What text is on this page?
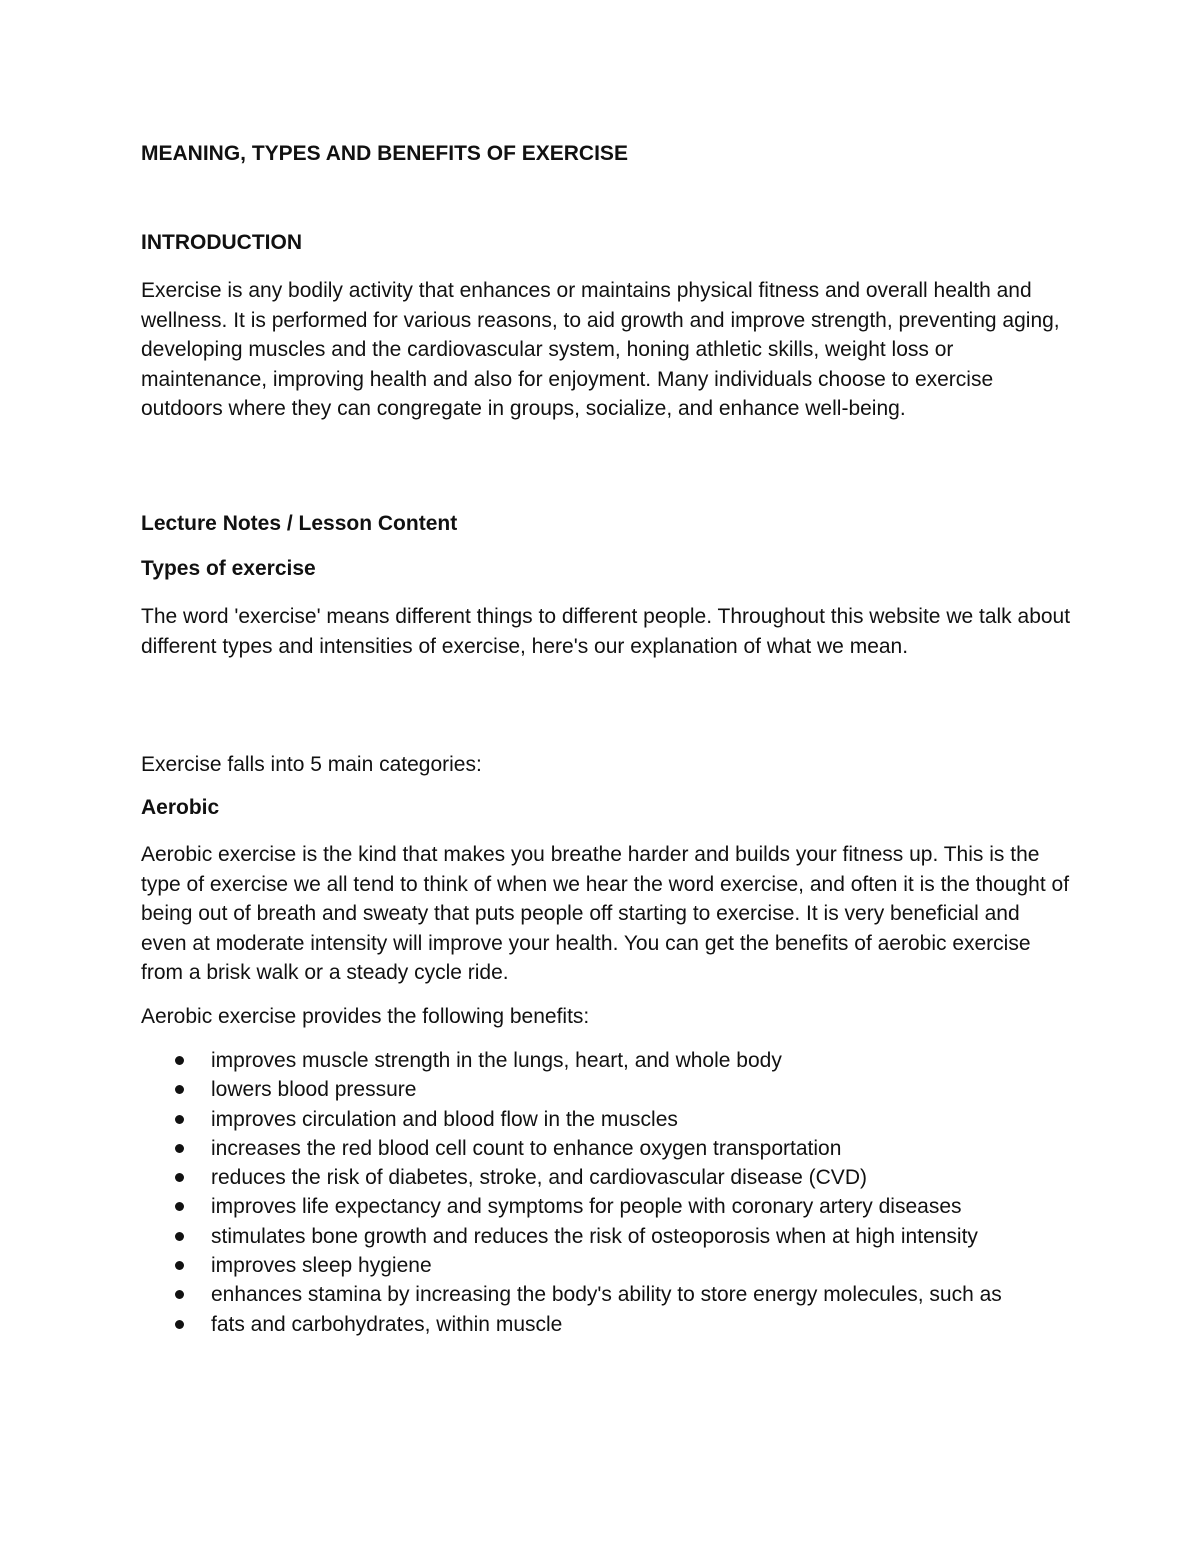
MEANING, TYPES AND BENEFITS OF EXERCISE
INTRODUCTION

Exercise is any bodily activity that enhances or maintains physical fitness and overall health and wellness. It is performed for various reasons, to aid growth and improve strength, preventing aging, developing muscles and the cardiovascular system, honing athletic skills, weight loss or maintenance, improving health and also for enjoyment. Many individuals choose to exercise outdoors where they can congregate in groups, socialize, and enhance well-being.

Lecture Notes / Lesson Content
Types of exercise

The word 'exercise' means different things to different people. Throughout this website we talk about different types and intensities of exercise, here's our explanation of what we mean.

Exercise falls into 5 main categories:

Aerobic

Aerobic exercise is the kind that makes you breathe harder and builds your fitness up. This is the type of exercise we all tend to think of when we hear the word exercise, and often it is the thought of being out of breath and sweaty that puts people off starting to exercise. It is very beneficial and even at moderate intensity will improve your health. You can get the benefits of aerobic exercise from a brisk walk or a steady cycle ride.

Aerobic exercise provides the following benefits:

improves muscle strength in the lungs, heart, and whole body
lowers blood pressure
improves circulation and blood flow in the muscles
increases the red blood cell count to enhance oxygen transportation
reduces the risk of diabetes, stroke, and cardiovascular disease (CVD)
improves life expectancy and symptoms for people with coronary artery diseases
stimulates bone growth and reduces the risk of osteoporosis when at high intensity
improves sleep hygiene
enhances stamina by increasing the body's ability to store energy molecules, such as
fats and carbohydrates, within muscle
